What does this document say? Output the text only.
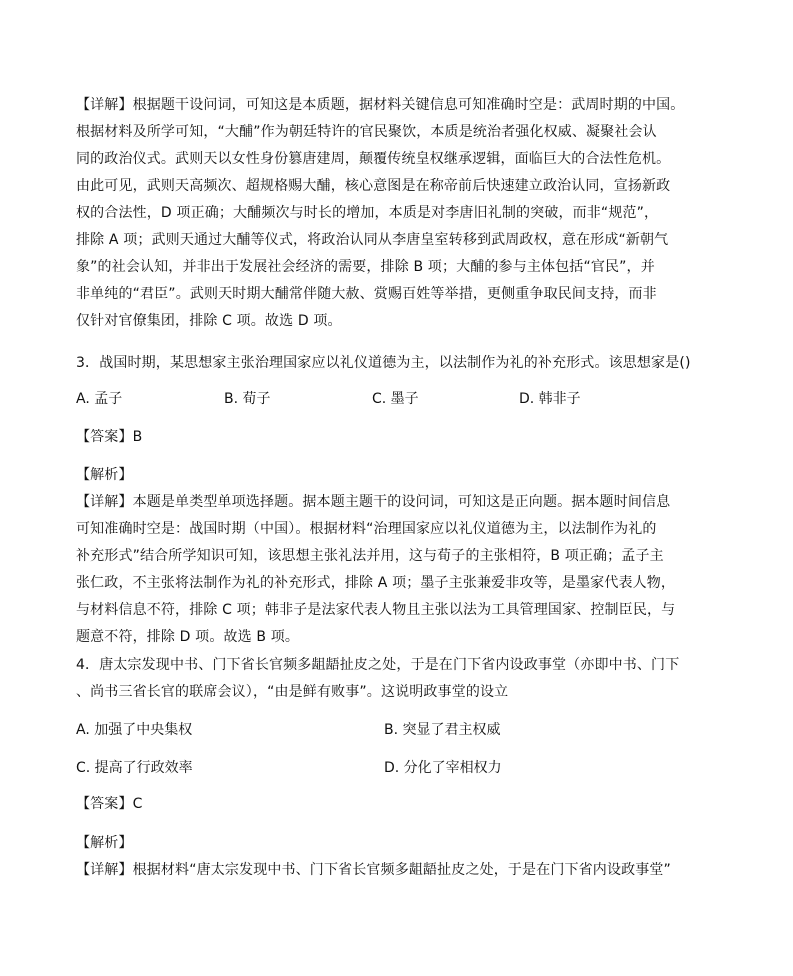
【详解】根据题干设问词，可知这是本质题，据材料关键信息可知准确时空是：武周时期的中国。
根据材料及所学可知，“大酺”作为朝廷特许的官民聚饮，本质是统治者强化权威、凝聚社会认
同的政治仪式。武则天以女性身份篡唐建周，颠覆传统皇权继承逻辑，面临巨大的合法性危机。
由此可见，武则天高频次、超规格赐大酺，核心意图是在称帝前后快速建立政治认同，宣扬新政
权的合法性，D 项正确；大酺频次与时长的增加，本质是对李唐旧礼制的突破，而非“规范”，
排除 A 项；武则天通过大酺等仪式，将政治认同从李唐皇室转移到武周政权，意在形成“新朝气
象”的社会认知，并非出于发展社会经济的需要，排除 B 项；大酺的参与主体包括“官民”，并
非单纯的“君臣”。武则天时期大酺常伴随大赦、赏赐百姓等举措，更侧重争取民间支持，而非
仅针对官僚集团，排除 C 项。故选 D 项。
3．战国时期，某思想家主张治理国家应以礼仪道德为主，以法制作为礼的补充形式。该思想家是()
A. 孟子	B. 荀子	C. 墨子	D. 韩非子
【答案】B
【解析】
【详解】本题是单类型单项选择题。据本题主题干的设问词，可知这是正向题。据本题时间信息
可知准确时空是：战国时期（中国）。根据材料“治理国家应以礼仪道德为主，以法制作为礼的
补充形式”结合所学知识可知，该思想主张礼法并用，这与荀子的主张相符，B 项正确；孟子主
张仁政，不主张将法制作为礼的补充形式，排除 A 项；墨子主张兼爱非攻等，是墨家代表人物，
与材料信息不符，排除 C 项；韩非子是法家代表人物且主张以法为工具管理国家、控制臣民，与
题意不符，排除 D 项。故选 B 项。
4．唐太宗发现中书、门下省长官频多龃龉扯皮之处，于是在门下省内设政事堂（亦即中书、门下
、尚书三省长官的联席会议），“由是鲜有败事”。这说明政事堂的设立
A. 加强了中央集权	B. 突显了君主权威
C. 提高了行政效率	D. 分化了宰相权力
【答案】C
【解析】
【详解】根据材料“唐太宗发现中书、门下省长官频多龃龉扯皮之处，于是在门下省内设政事堂”
